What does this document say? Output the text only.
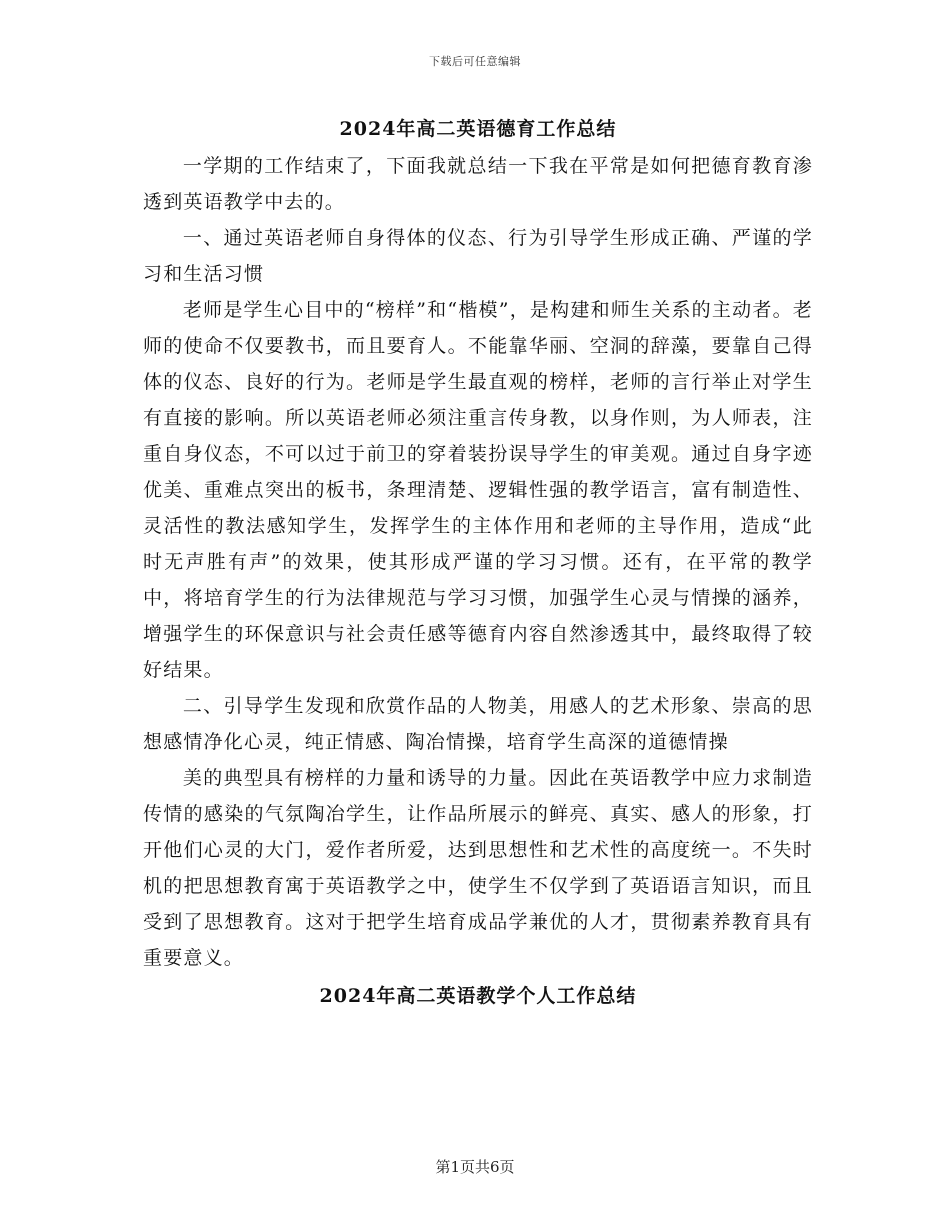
下载后可任意编辑
2024年高二英语德育工作总结

一学期的工作结束了，下面我就总结一下我在平常是如何把德育教育渗透到英语教学中去的。

一、通过英语老师自身得体的仪态、行为引导学生形成正确、严谨的学习和生活习惯

老师是学生心目中的“榜样”和“楷模”，是构建和师生关系的主动者。老师的使命不仅要教书，而且要育人。不能靠华丽、空洞的辞藻，要靠自己得体的仪态、良好的行为。老师是学生最直观的榜样，老师的言行举止对学生有直接的影响。所以英语老师必须注重言传身教，以身作则，为人师表，注重自身仪态，不可以过于前卫的穿着装扮误导学生的审美观。通过自身字迹优美、重难点突出的板书，条理清楚、逻辑性强的教学语言，富有制造性、灵活性的教法感知学生，发挥学生的主体作用和老师的主导作用，造成“此时无声胜有声”的效果，使其形成严谨的学习习惯。还有，在平常的教学中，将培育学生的行为法律规范与学习习惯，加强学生心灵与情操的涵养，增强学生的环保意识与社会责任感等德育内容自然渗透其中，最终取得了较好结果。

二、引导学生发现和欣赏作品的人物美，用感人的艺术形象、崇高的思想感情净化心灵，纯正情感、陶冶情操，培育学生高深的道德情操

美的典型具有榜样的力量和诱导的力量。因此在英语教学中应力求制造传情的感染的气氛陶冶学生，让作品所展示的鲜亮、真实、感人的形象，打开他们心灵的大门，爱作者所爱，达到思想性和艺术性的高度统一。不失时机的把思想教育寓于英语教学之中，使学生不仅学到了英语语言知识，而且受到了思想教育。这对于把学生培育成品学兼优的人才，贯彻素养教育具有重要意义。

2024年高二英语教学个人工作总结
第1页共6页
